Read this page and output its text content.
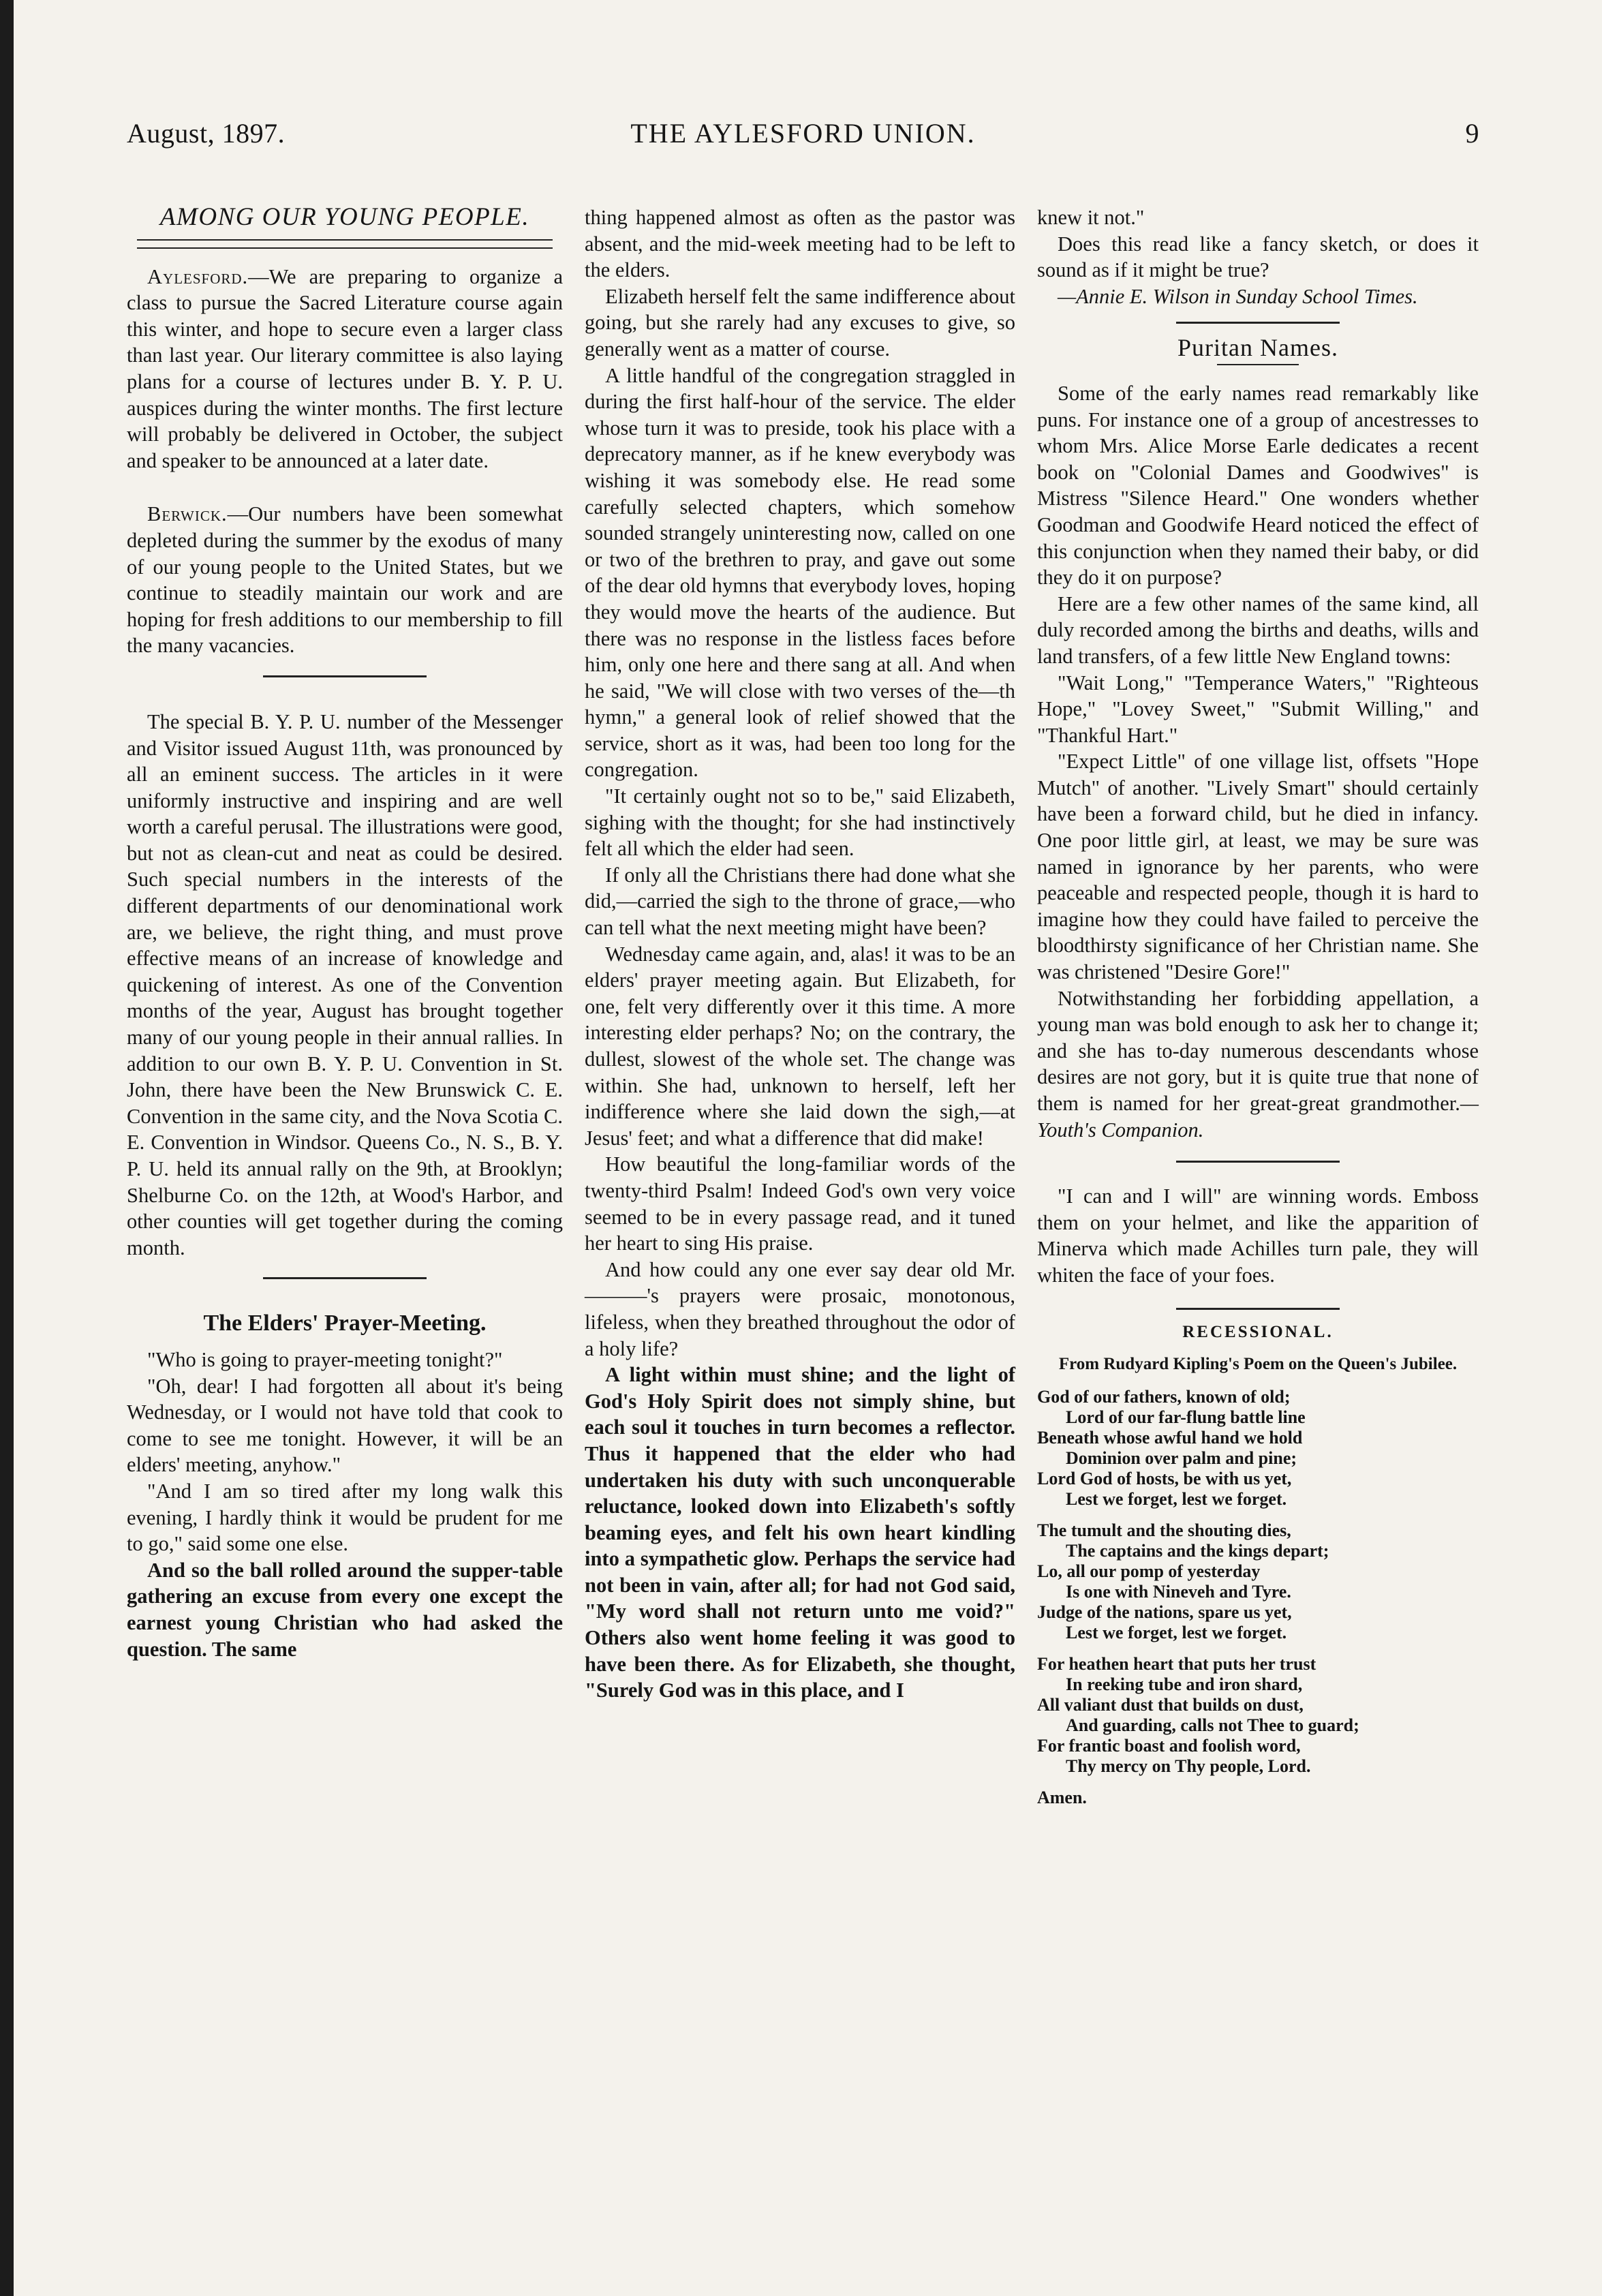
August, 1897.	THE AYLESFORD UNION.	9
AMONG OUR YOUNG PEOPLE.

Aylesford.—We are preparing to organize a class to pursue the Sacred Literature course again this winter, and hope to secure even a larger class than last year. Our literary committee is also laying plans for a course of lectures under B. Y. P. U. auspices during the winter months. The first lecture will probably be delivered in October, the subject and speaker to be announced at a later date.

Berwick.—Our numbers have been somewhat depleted during the summer by the exodus of many of our young people to the United States, but we continue to steadily maintain our work and are hoping for fresh additions to our membership to fill the many vacancies.

The special B. Y. P. U. number of the Messenger and Visitor issued August 11th, was pronounced by all an eminent success. The articles in it were uniformly instructive and inspiring and are well worth a careful perusal. The illustrations were good, but not as clean-cut and neat as could be desired. Such special numbers in the interests of the different departments of our denominational work are, we believe, the right thing, and must prove effective means of an increase of knowledge and quickening of interest. As one of the Convention months of the year, August has brought together many of our young people in their annual rallies. In addition to our own B. Y. P. U. Convention in St. John, there have been the New Brunswick C. E. Convention in the same city, and the Nova Scotia C. E. Convention in Windsor. Queens Co., N. S., B. Y. P. U. held its annual rally on the 9th, at Brooklyn; Shelburne Co. on the 12th, at Wood's Harbor, and other counties will get together during the coming month.

The Elders' Prayer-Meeting.

"Who is going to prayer-meeting tonight?"

"Oh, dear! I had forgotten all about it's being Wednesday, or I would not have told that cook to come to see me tonight. However, it will be an elders' meeting, anyhow."

"And I am so tired after my long walk this evening, I hardly think it would be prudent for me to go," said some one else.

And so the ball rolled around the supper-table gathering an excuse from every one except the earnest young Christian who had asked the question. The same

thing happened almost as often as the pastor was absent, and the mid-week meeting had to be left to the elders.

Elizabeth herself felt the same indifference about going, but she rarely had any excuses to give, so generally went as a matter of course.

A little handful of the congregation straggled in during the first half-hour of the service. The elder whose turn it was to preside, took his place with a deprecatory manner, as if he knew everybody was wishing it was somebody else. He read some carefully selected chapters, which somehow sounded strangely uninteresting now, called on one or two of the brethren to pray, and gave out some of the dear old hymns that everybody loves, hoping they would move the hearts of the audience. But there was no response in the listless faces before him, only one here and there sang at all. And when he said, "We will close with two verses of the—th hymn," a general look of relief showed that the service, short as it was, had been too long for the congregation.

"It certainly ought not so to be," said Elizabeth, sighing with the thought; for she had instinctively felt all which the elder had seen.

If only all the Christians there had done what she did,—carried the sigh to the throne of grace,—who can tell what the next meeting might have been?

Wednesday came again, and, alas! it was to be an elders' prayer meeting again. But Elizabeth, for one, felt very differently over it this time. A more interesting elder perhaps? No; on the contrary, the dullest, slowest of the whole set. The change was within. She had, unknown to herself, left her indifference where she laid down the sigh,—at Jesus' feet; and what a difference that did make!

How beautiful the long-familiar words of the twenty-third Psalm! Indeed God's own very voice seemed to be in every passage read, and it tuned her heart to sing His praise.

And how could any one ever say dear old Mr. ———'s prayers were prosaic, monotonous, lifeless, when they breathed throughout the odor of a holy life?

A light within must shine; and the light of God's Holy Spirit does not simply shine, but each soul it touches in turn becomes a reflector. Thus it happened that the elder who had undertaken his duty with such unconquerable reluctance, looked down into Elizabeth's softly beaming eyes, and felt his own heart kindling into a sympathetic glow. Perhaps the service had not been in vain, after all; for had not God said, "My word shall not return unto me void?" Others also went home feeling it was good to have been there. As for Elizabeth, she thought, "Surely God was in this place, and I

knew it not."

Does this read like a fancy sketch, or does it sound as if it might be true?

—Annie E. Wilson in Sunday School Times.

Puritan Names.

Some of the early names read remarkably like puns. For instance one of a group of ancestresses to whom Mrs. Alice Morse Earle dedicates a recent book on "Colonial Dames and Goodwives" is Mistress "Silence Heard." One wonders whether Goodman and Goodwife Heard noticed the effect of this conjunction when they named their baby, or did they do it on purpose?

Here are a few other names of the same kind, all duly recorded among the births and deaths, wills and land transfers, of a few little New England towns:

"Wait Long," "Temperance Waters," "Righteous Hope," "Lovey Sweet," "Submit Willing," and "Thankful Hart."

"Expect Little" of one village list, offsets "Hope Mutch" of another. "Lively Smart" should certainly have been a forward child, but he died in infancy. One poor little girl, at least, we may be sure was named in ignorance by her parents, who were peaceable and respected people, though it is hard to imagine how they could have failed to perceive the bloodthirsty significance of her Christian name. She was christened "Desire Gore!"

Notwithstanding her forbidding appellation, a young man was bold enough to ask her to change it; and she has to-day numerous descendants whose desires are not gory, but it is quite true that none of them is named for her great-great grandmother.—Youth's Companion.

"I can and I will" are winning words. Emboss them on your helmet, and like the apparition of Minerva which made Achilles turn pale, they will whiten the face of your foes.

RECESSIONAL.
From Rudyard Kipling's Poem on the Queen's Jubilee.
God of our fathers, known of old;
Lord of our far-flung battle line
Beneath whose awful hand we hold
Dominion over palm and pine;
Lord God of hosts, be with us yet,
Lest we forget, lest we forget.
The tumult and the shouting dies,
The captains and the kings depart;
Lo, all our pomp of yesterday
Is one with Nineveh and Tyre.
Judge of the nations, spare us yet,
Lest we forget, lest we forget.
For heathen heart that puts her trust
In reeking tube and iron shard,
All valiant dust that builds on dust,
And guarding, calls not Thee to guard;
For frantic boast and foolish word,
Thy mercy on Thy people, Lord.
Amen.
